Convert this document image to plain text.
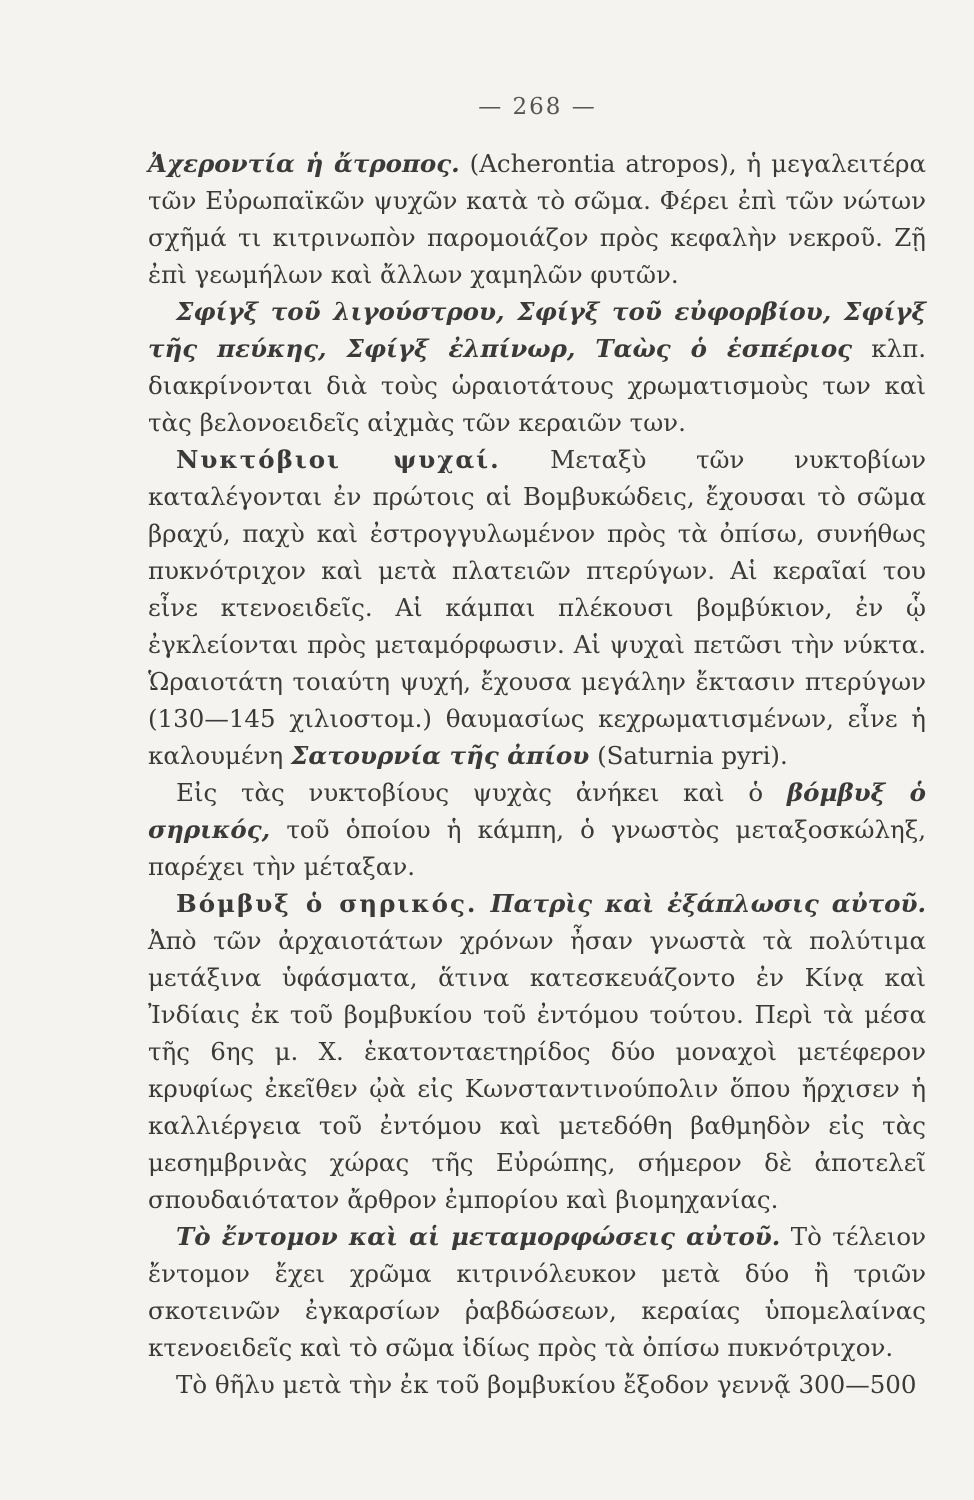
— 268 —

Ἀχεροντία ἡ ἄτροπος. (Acherontia atropos), ἡ μεγαλειτέρα τῶν Εὐρωπαϊκῶν ψυχῶν κατὰ τὸ σῶμα. Φέρει ἐπὶ τῶν νώτων σχῆμά τι κιτρινωπὸν παρομοιάζον πρὸς κεφαλὴν νεκροῦ. Ζῇ ἐπὶ γεωμήλων καὶ ἄλλων χαμηλῶν φυτῶν.

Σφίγξ τοῦ λιγούστρου, Σφίγξ τοῦ εὐφορβίου, Σφίγξ τῆς πεύκης, Σφίγξ ἐλπίνωρ, Ταὼς ὁ ἑσπέριος κλπ. διακρίνονται διὰ τοὺς ὡραιοτάτους χρωματισμοὺς των καὶ τὰς βελονοειδεῖς αἰχμὰς τῶν κεραιῶν των.

Νυκτόβιοι ψυχαί. Μεταξὺ τῶν νυκτοβίων καταλέγονται ἐν πρώτοις αἱ Βομβυκώδεις, ἔχουσαι τὸ σῶμα βραχύ, παχὺ καὶ ἐστρογγυλωμένον πρὸς τὰ ὀπίσω, συνήθως πυκνότριχον καὶ μετὰ πλατειῶν πτερύγων. Αἱ κεραῖαί του εἶνε κτενοειδεῖς. Αἱ κάμπαι πλέκουσι βομβύκιον, ἐν ᾧ ἐγκλείονται πρὸς μεταμόρφωσιν. Αἱ ψυχαὶ πετῶσι τὴν νύκτα. Ὡραιοτάτη τοιαύτη ψυχή, ἔχουσα μεγάλην ἔκτασιν πτερύγων (130—145 χιλιοστομ.) θαυμασίως κεχρωματισμένων, εἶνε ἡ καλουμένη Σατουρνία τῆς ἀπίου (Saturnia pyri).

Εἰς τὰς νυκτοβίους ψυχὰς ἀνήκει καὶ ὁ βόμβυξ ὁ σηρικός, τοῦ ὁποίου ἡ κάμπη, ὁ γνωστὸς μεταξοσκώληξ, παρέχει τὴν μέταξαν.

Βόμβυξ ὁ σηρικός. Πατρὶς καὶ ἐξάπλωσις αὐτοῦ. Ἀπὸ τῶν ἀρχαιοτάτων χρόνων ἦσαν γνωστὰ τὰ πολύτιμα μετάξινα ὑφάσματα, ἅτινα κατεσκευάζοντο ἐν Κίνᾳ καὶ Ἰνδίαις ἐκ τοῦ βομβυκίου τοῦ ἐντόμου τούτου. Περὶ τὰ μέσα τῆς 6ης μ. Χ. ἑκατονταετηρίδος δύο μοναχοὶ μετέφερον κρυφίως ἐκεῖθεν ᾠὰ εἰς Κωνσταντινούπολιν ὅπου ἤρχισεν ἡ καλλιέργεια τοῦ ἐντόμου καὶ μετεδόθη βαθμηδὸν εἰς τὰς μεσημβρινὰς χώρας τῆς Εὐρώπης, σήμερον δὲ ἀποτελεῖ σπουδαιότατον ἄρθρον ἐμπορίου καὶ βιομηχανίας.

Τὸ ἔντομον καὶ αἱ μεταμορφώσεις αὐτοῦ. Τὸ τέλειον ἔντομον ἔχει χρῶμα κιτρινόλευκον μετὰ δύο ἢ τριῶν σκοτεινῶν ἐγκαρσίων ῥαβδώσεων, κεραίας ὑπομελαίνας κτενοειδεῖς καὶ τὸ σῶμα ἰδίως πρὸς τὰ ὀπίσω πυκνότριχον.

Τὸ θῆλυ μετὰ τὴν ἐκ τοῦ βομβυκίου ἔξοδον γεννᾷ 300—500
